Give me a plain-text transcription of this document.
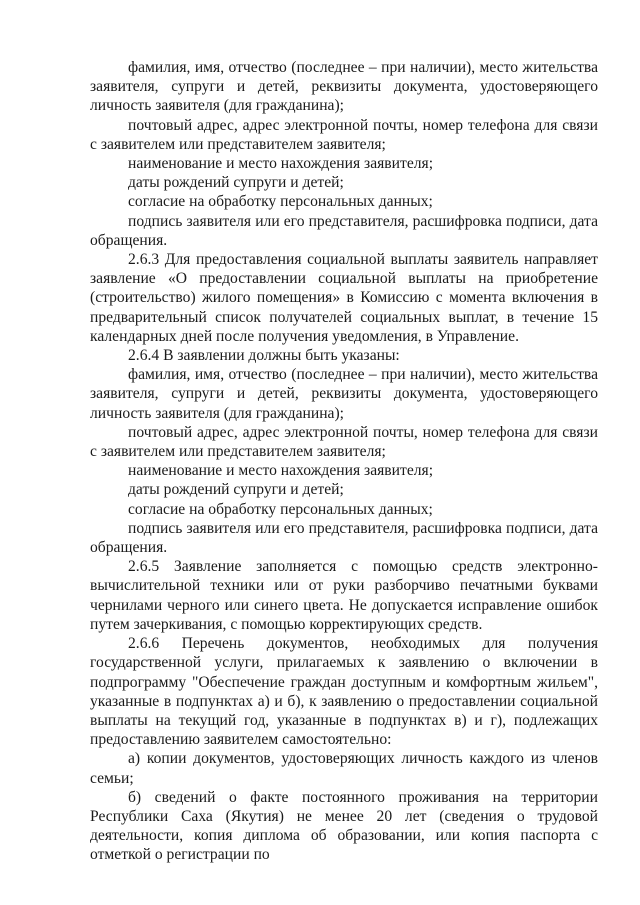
фамилия, имя, отчество (последнее – при наличии), место жительства заявителя, супруги и детей, реквизиты документа, удостоверяющего личность заявителя (для гражданина);

почтовый адрес, адрес электронной почты, номер телефона для связи с заявителем или представителем заявителя;

наименование и место нахождения заявителя;

даты рождений супруги и детей;

согласие на обработку персональных данных;

подпись заявителя или его представителя, расшифровка подписи, дата обращения.

2.6.3 Для предоставления социальной выплаты заявитель направляет заявление «О предоставлении социальной выплаты на приобретение (строительство) жилого помещения» в Комиссию с момента включения в предварительный список получателей социальных выплат, в течение 15 календарных дней после получения уведомления, в Управление.

2.6.4 В заявлении должны быть указаны:

фамилия, имя, отчество (последнее – при наличии), место жительства заявителя, супруги и детей, реквизиты документа, удостоверяющего личность заявителя (для гражданина);

почтовый адрес, адрес электронной почты, номер телефона для связи с заявителем или представителем заявителя;

наименование и место нахождения заявителя;

даты рождений супруги и детей;

согласие на обработку персональных данных;

подпись заявителя или его представителя, расшифровка подписи, дата обращения.

2.6.5 Заявление заполняется с помощью средств электронно-вычислительной техники или от руки разборчиво печатными буквами чернилами черного или синего цвета. Не допускается исправление ошибок путем зачеркивания, с помощью корректирующих средств.

2.6.6 Перечень документов, необходимых для получения государственной услуги, прилагаемых к заявлению о включении в подпрограмму "Обеспечение граждан доступным и комфортным жильем", указанные в подпунктах а) и б), к заявлению о предоставлении социальной выплаты на текущий год, указанные в подпунктах в) и г), подлежащих предоставлению заявителем самостоятельно:

а) копии документов, удостоверяющих личность каждого из членов семьи;

б) сведений о факте постоянного проживания на территории Республики Саха (Якутия) не менее 20 лет (сведения о трудовой деятельности, копия диплома об образовании, или копия паспорта с отметкой о регистрации по
